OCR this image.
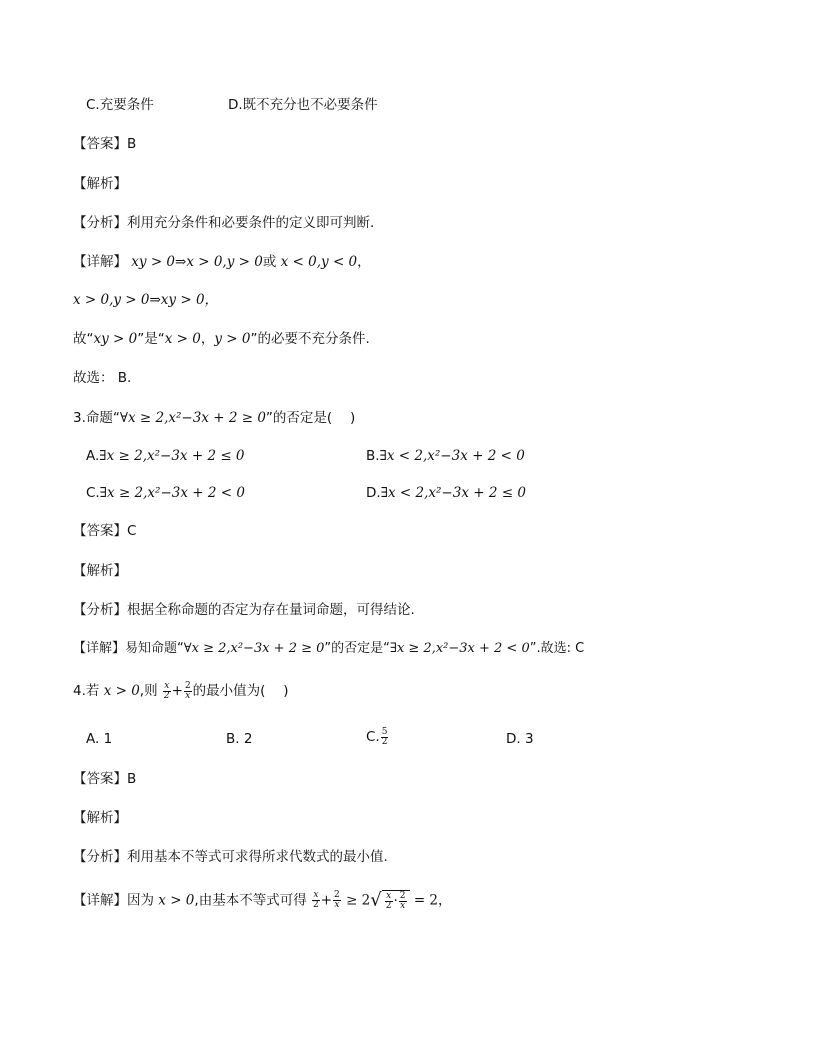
C.充要条件	D.既不充分也不必要条件
【答案】B
【解析】
【分析】利用充分条件和必要条件的定义即可判断.
【详解】 xy > 0⇒x > 0,y > 0或 x < 0,y < 0，
x > 0,y > 0⇒xy > 0，
故“xy > 0”是“x > 0，y > 0”的必要不充分条件.
故选： B.
3.命题“∀x ≥ 2,x²−3x + 2 ≥ 0”的否定是(　 )
A.∃x ≥ 2,x²−3x + 2 ≤ 0	B.∃x < 2,x²−3x + 2 < 0
C.∃x ≥ 2,x²−3x + 2 < 0	D.∃x < 2,x²−3x + 2 ≤ 0
【答案】C
【解析】
【分析】根据全称命题的否定为存在量词命题，可得结论.
【详解】易知命题“∀x ≥ 2,x²−3x + 2 ≥ 0”的否定是“∃x ≥ 2,x²−3x + 2 < 0”.故选: C
4.若 x > 0,则 $\frac{x}{2} + \frac{2}{x}$ 的最小值为(　 )
A. 1	B. 2	C. $\frac{5}{2}$	D. 3
【答案】B
【解析】
【分析】利用基本不等式可求得所求代数式的最小值.
【详解】因为 x > 0,由基本不等式可得 $\frac{x}{2} + \frac{2}{x} \ge 2√ \frac{x}{2} \cdot \frac{2}{x} = 2$，
